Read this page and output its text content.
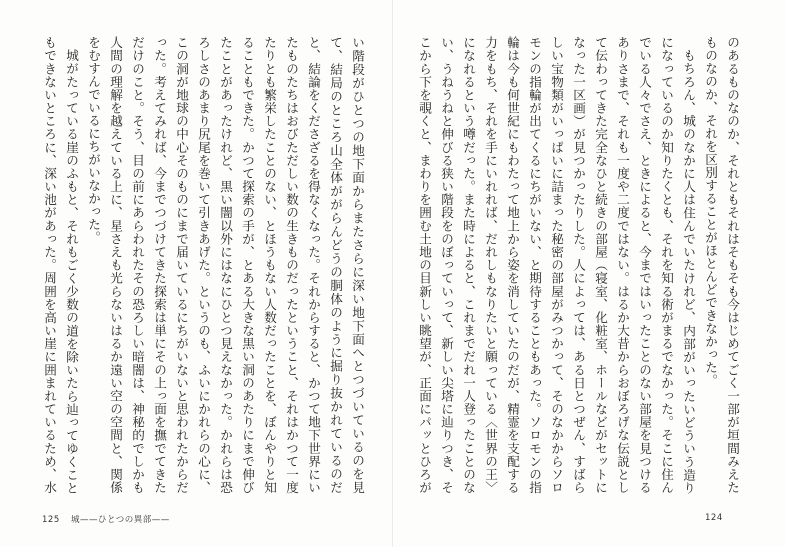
い階段がひとつの地下面からまたさらに深い地下面へとつづいているのを見て、結局のところ山全体ががらんどうの胴体のように掘り抜かれているのだと、結論をくださざるを得なくなった。それからすると、かつて地下世界にいたものたちはおびただしい数の生きものだったということ、それはかつて一度たりとも繁栄したことのない、とほうもない人数だったことを、ぼんやりと知ることもできた。かつて探索の手が、とある大きな黒い洞のあたりにまで伸びたことがあったけれど、黒い闇以外にはなにひとつ見えなかった。かれらは恐ろしさのあまり尻尾を巻いて引きあげた。というのも、ふいにかれらの心に、この洞が地球の中心そのものにまで届いているにちがいないと思われたからだった。考えてみれば、今までつづけてきた探索は単にその上っ面を撫でてきただけのこと。そう、目の前にあらわれたその恐ろしい暗闇は、神秘的でしかも人間の理解を越えている上に、星さえも光らないはるか遠い空の空間と、関係をむすんでいるにちがいなかった。

城がたっている崖のふもと、それもごく少数の道を除いたら辿ってゆくこともできないところに、深い池があった。周囲を高い崖に囲まれているため、水

125 城——ひとつの異部——

のあるものなのか、それともそれはそもそも今はじめてごく一部が垣間みえたものなのか、それを区別することがほとんどできなかった。

もちろん、城のなかに人は住んでいたけれど、内部がいったいどういう造りになっているのか知りたくとも、それを知る術がまるでなかった。そこに住んでいる人々でさえ、ときによると、今まではいったことのない部屋を見つけるありさまで、それも一度や二度ではない。はるか大昔からおぼろげな伝説として伝わってきた完全なひと続きの部屋（寝室、化粧室、ホールなどがセットになった一区画）が見つかったりした。人によっては、ある日とつぜん、すばらしい宝物類がいっぱいに詰まった秘密の部屋がみつかって、そのなかからソロモンの指輪が出てくるにちがいない、と期待することもあった。ソロモンの指輪は今も何世紀にもわたって地上から姿を消していたのだが、精霊を支配する力をもち、それを手にいれれば、だれしもなりたいと願っている〈世界の王〉になれるという噂だった。また時によると、これまでだれ一人登ったことのない、うねうねと伸びる狭い階段をのぼっていって、新しい尖塔に辿りつき、そこから下を覗くと、まわりを囲む土地の目新しい眺望が、正面にパッとひろが

124
